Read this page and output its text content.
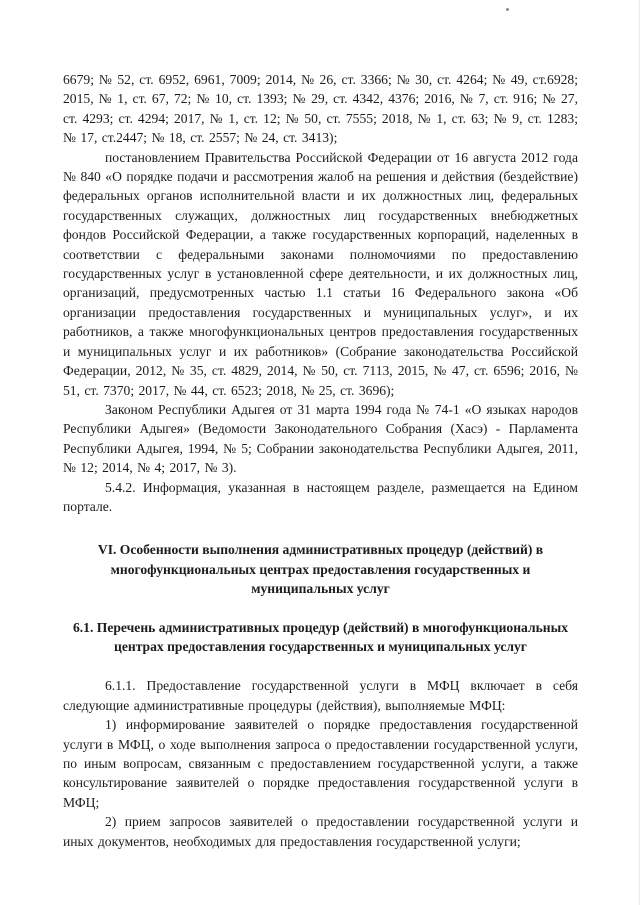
6679; № 52, ст. 6952, 6961, 7009; 2014, № 26, ст. 3366; № 30, ст. 4264; № 49, ст.6928; 2015, № 1, ст. 67, 72; № 10, ст. 1393; № 29, ст. 4342, 4376; 2016, № 7, ст. 916; № 27, ст. 4293; ст. 4294; 2017, № 1, ст. 12; № 50, ст. 7555; 2018, № 1, ст. 63; № 9, ст. 1283; № 17, ст.2447; № 18, ст. 2557; № 24, ст. 3413);

постановлением Правительства Российской Федерации от 16 августа 2012 года № 840 «О порядке подачи и рассмотрения жалоб на решения и действия (бездействие) федеральных органов исполнительной власти и их должностных лиц, федеральных государственных служащих, должностных лиц государственных внебюджетных фондов Российской Федерации, а также государственных корпораций, наделенных в соответствии с федеральными законами полномочиями по предоставлению государственных услуг в установленной сфере деятельности, и их должностных лиц, организаций, предусмотренных частью 1.1 статьи 16 Федерального закона «Об организации предоставления государственных и муниципальных услуг», и их работников, а также многофункциональных центров предоставления государственных и муниципальных услуг и их работников» (Собрание законодательства Российской Федерации, 2012, № 35, ст. 4829, 2014, № 50, ст. 7113, 2015, № 47, ст. 6596; 2016, № 51, ст. 7370; 2017, № 44, ст. 6523; 2018, № 25, ст. 3696);

Законом Республики Адыгея от 31 марта 1994 года № 74-1 «О языках народов Республики Адыгея» (Ведомости Законодательного Собрания (Хасэ) - Парламента Республики Адыгея, 1994, № 5; Собрании законодательства Республики Адыгея, 2011, № 12; 2014, № 4; 2017, № 3).

5.4.2. Информация, указанная в настоящем разделе, размещается на Едином портале.

VI. Особенности выполнения административных процедур (действий) в многофункциональных центрах предоставления государственных и муниципальных услуг
6.1. Перечень административных процедур (действий) в многофункциональных центрах предоставления государственных и муниципальных услуг

6.1.1. Предоставление государственной услуги в МФЦ включает в себя следующие административные процедуры (действия), выполняемые МФЦ:

1) информирование заявителей о порядке предоставления государственной услуги в МФЦ, о ходе выполнения запроса о предоставлении государственной услуги, по иным вопросам, связанным с предоставлением государственной услуги, а также консультирование заявителей о порядке предоставления государственной услуги в МФЦ;

2) прием запросов заявителей о предоставлении государственной услуги и иных документов, необходимых для предоставления государственной услуги;
